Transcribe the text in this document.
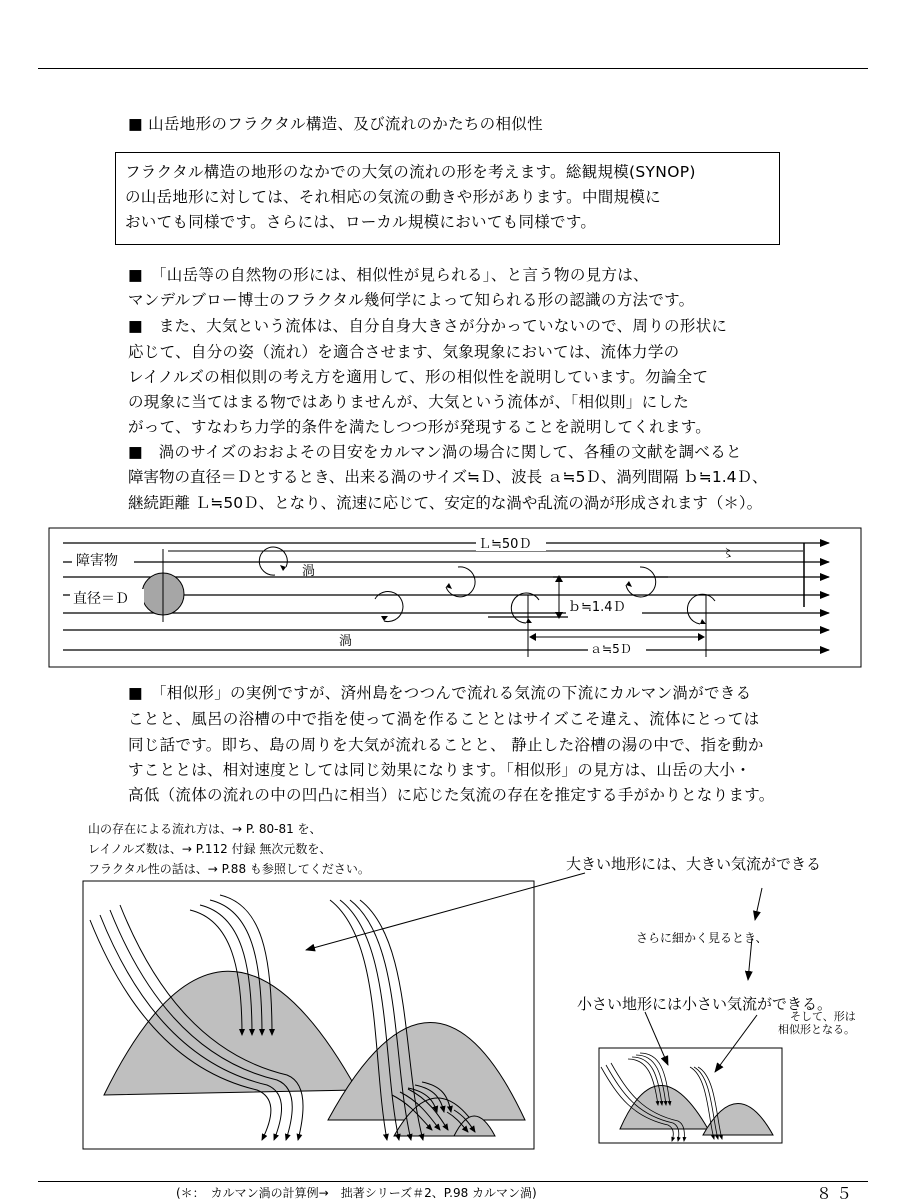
■ 山岳地形のフラクタル構造、及び流れのかたちの相似性
フラクタル構造の地形のなかでの大気の流れの形を考えます。総観規模(SYNOP)
の山岳地形に対しては、それ相応の気流の動きや形があります。中間規模に
おいても同様です。さらには、ローカル規模においても同様です。
■　「山岳等の自然物の形には、相似性が見られる」、と言う物の見方は、
マンデルブロー博士のフラクタル幾何学によって知られる形の認識の方法です。
■　また、大気という流体は、自分自身大きさが分かっていないので、周りの形状に
応じて、自分の姿（流れ）を適合させます、気象現象においては、流体力学の
レイノルズの相似則の考え方を適用して、形の相似性を説明しています。勿論全て
の現象に当てはまる物ではありませんが、大気という流体が、「相似則」にした
がって、すなわち力学的条件を満たしつつ形が発現することを説明してくれます。
■　渦のサイズのおおよその目安をカルマン渦の場合に関して、各種の文献を調べると
障害物の直径＝Ｄとするとき、出来る渦のサイズ≒Ｄ、波長 ａ≒5Ｄ、渦列間隔 ｂ≒1.4Ｄ、
継続距離 Ｌ≒50Ｄ、となり、流速に応じて、安定的な渦や乱流の渦が形成されます（＊）。
〻
障害物
直径＝Ｄ
Ｌ≒50Ｄ
渦
渦
ｂ≒1.4Ｄ
ａ≒5Ｄ
■　「相似形」の実例ですが、済州島をつつんで流れる気流の下流にカルマン渦ができる
ことと、風呂の浴槽の中で指を使って渦を作ることとはサイズこそ違え、流体にとっては
同じ話です。即ち、島の周りを大気が流れることと、 静止した浴槽の湯の中で、指を動か
すこととは、相対速度としては同じ効果になります。「相似形」の見方は、山岳の大小・
高低（流体の流れの中の凹凸に相当）に応じた気流の存在を推定する手がかりとなります。
山の存在による流れ方は、→ P. 80-81 を、
レイノルズ数は、→ P.112 付録 無次元数を、
フラクタル性の話は、→ P.88 も参照してください。	大きい地形には、大きい気流ができる
さらに細かく見るとき、
小さい地形には小さい気流ができる。
そして、形は
相似形となる。
(＊：　カルマン渦の計算例→　拙著シリーズ＃2、P.98 カルマン渦)	８５
